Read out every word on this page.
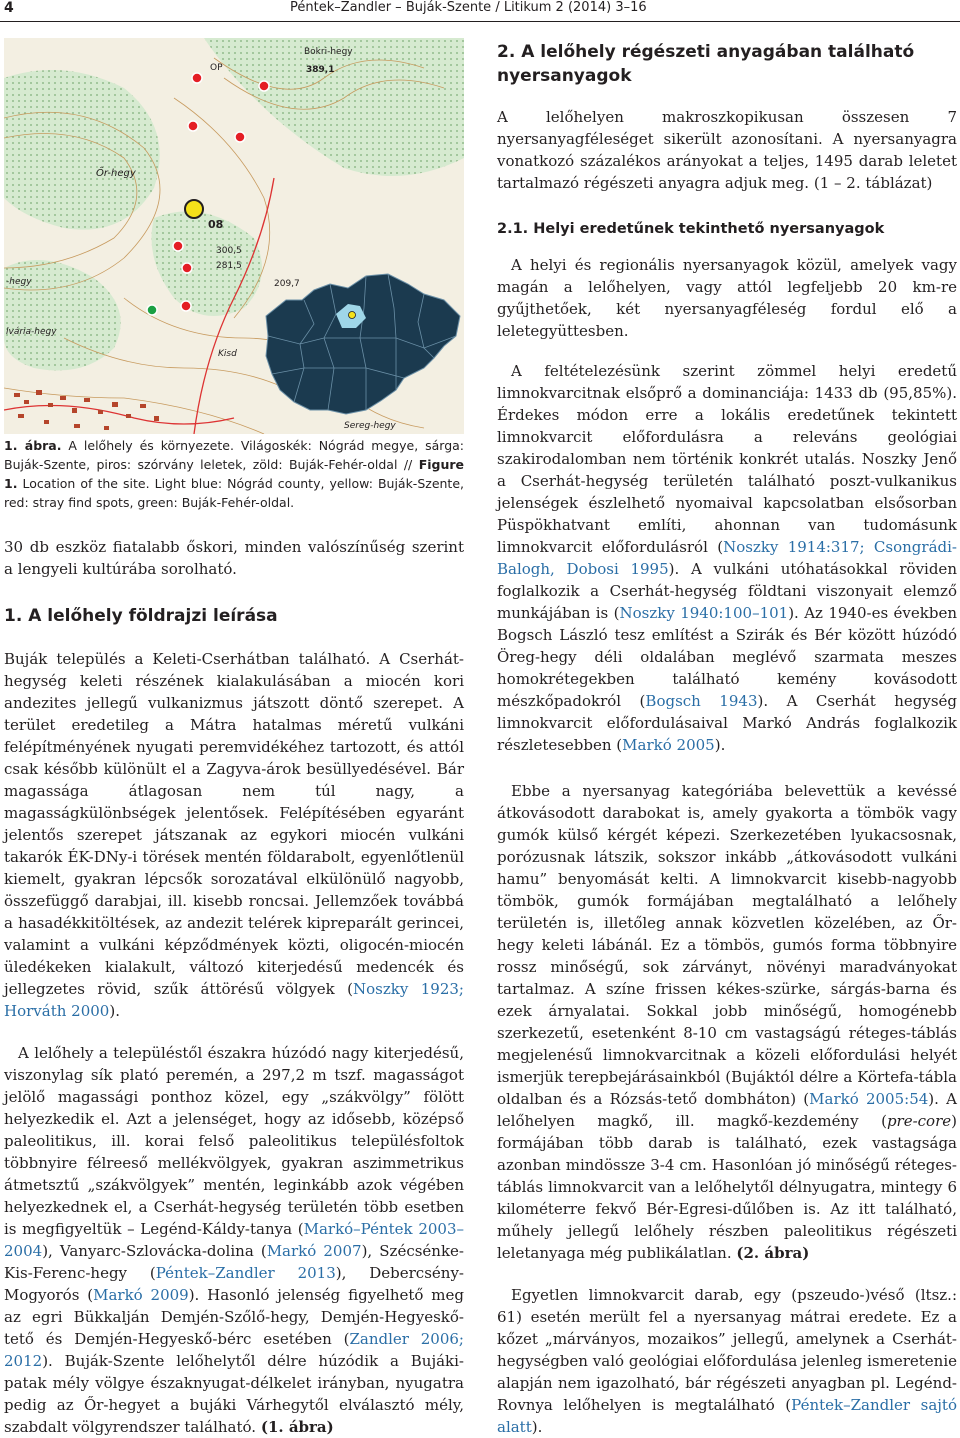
4	Péntek–Zandler – Buják-Szente / Litikum 2 (2014) 3–16
Bokri-hegy
389,1
OP
Őr-hegy
08
300,5
281,5
209,7
-hegy
Kisd
Sereg-hegy
lvária-hegy

1. ábra. A lelőhely és környezete. Világoskék: Nógrád megye, sárga: Buják-Szente, piros: szórvány leletek, zöld: Buják-Fehér-oldal // Figure 1. Location of the site. Light blue: Nógrád county, yellow: Buják-Szente, red: stray find spots, green: Buják-Fehér-oldal.

30 db eszköz fiatalabb őskori, minden valószínűség szerint a lengyeli kultúrába sorolható.

1. A lelőhely földrajzi leírása

Buják település a Keleti-Cserhátban található. A Cserhát-hegység keleti részének kialakulásában a miocén kori andezites jellegű vulkanizmus játszott döntő szerepet. A terület eredetileg a Mátra hatalmas méretű vulkáni felépítményének nyugati peremvidékéhez tartozott, és attól csak később különült el a Zagyva-árok besüllyedésével. Bár magassága átlagosan nem túl nagy, a magasságkülönbségek jelentősek. Felépítésében egyaránt jelentős szerepet játszanak az egykori miocén vulkáni takarók ÉK-DNy-i törések mentén földarabolt, egyenlőtlenül kiemelt, gyakran lépcsők sorozatával elkülönülő nagyobb, összefüggő darabjai, ill. kisebb roncsai. Jellemzőek továbbá a hasadékkitöltések, az andezit telérek kipreparált gerincei, valamint a vulkáni képződmények közti, oligocén-miocén üledékeken kialakult, változó kiterjedésű medencék és jellegzetes rövid, szűk áttörésű völgyek (Noszky 1923; Horváth 2000).

A lelőhely a településtől északra húzódó nagy kiterjedésű, viszonylag sík plató peremén, a 297,2 m tszf. magasságot jelölő magassági ponthoz közel, egy „szákvölgy” fölött helyezkedik el. Azt a jelenséget, hogy az idősebb, középső paleolitikus, ill. korai felső paleolitikus településfoltok többnyire félreeső mellékvölgyek, gyakran aszimmetrikus átmetsztű „szákvölgyek” mentén, leginkább azok végében helyezkednek el, a Cserhát-hegység területén több esetben is megfigyeltük – Legénd-Káldy-tanya (Markó–Péntek 2003–2004), Vanyarc-Szlovácka-dolina (Markó 2007), Szécsénke-Kis-Ferenc-hegy (Péntek–Zandler 2013), Debercsény-Mogyorós (Markó 2009). Hasonló jelenség figyelhető meg az egri Bükkalján Demjén-Szőlő-hegy, Demjén-Hegyeskő-tető és Demjén-Hegyeskő-bérc esetében (Zandler 2006; 2012). Buják-Szente lelőhelytől délre húzódik a Bujáki-patak mély völgye északnyugat-délkelet irányban, nyugatra pedig az Őr-hegyet a bujáki Várhegytől elválasztó mély, szabdalt völgyrendszer található. (1. ábra)

2. A lelőhely régészeti anyagában található nyersanyagok

A lelőhelyen makroszkopikusan összesen 7 nyersanyagféleséget sikerült azonosítani. A nyersanyagra vonatkozó százalékos arányokat a teljes, 1495 darab leletet tartalmazó régészeti anyagra adjuk meg. (1 – 2. táblázat)

2.1. Helyi eredetűnek tekinthető nyersanyagok

A helyi és regionális nyersanyagok közül, amelyek vagy magán a lelőhelyen, vagy attól legfeljebb 20 km-re gyűjthetőek, két nyersanyagféleség fordul elő a leletegyüttesben.

A feltételezésünk szerint zömmel helyi eredetű limnokvarcitnak elsőprő a dominanciája: 1433 db (95,85%). Érdekes módon erre a lokális eredetűnek tekintett limnokvarcit előfordulásra a releváns geológiai szakirodalomban nem történik konkrét utalás. Noszky Jenő a Cserhát-hegység területén található poszt-vulkanikus jelenségek észlelhető nyomaival kapcsolatban elsősorban Püspökhatvant említi, ahonnan van tudomásunk limnokvarcit előfordulásról (Noszky 1914:317; Csongrádi-Balogh, Dobosi 1995). A vulkáni utóhatásokkal röviden foglalkozik a Cserhát-hegység földtani viszonyait elemző munkájában is (Noszky 1940:100–101). Az 1940-es években Bogsch László tesz említést a Szirák és Bér között húzódó Öreg-hegy déli oldalában meglévő szarmata meszes homokrétegekben található kemény kovásodott mészkőpadokról (Bogsch 1943). A Cserhát hegység limnokvarcit előfordulásaival Markó András foglalkozik részletesebben (Markó 2005).

Ebbe a nyersanyag kategóriába belevettük a kevéssé átkovásodott darabokat is, amely gyakorta a tömbök vagy gumók külső kérgét képezi. Szerkezetében lyukacsosnak, porózusnak látszik, sokszor inkább „átkovásodott vulkáni hamu” benyomását kelti. A limnokvarcit kisebb-nagyobb tömbök, gumók formájában megtalálható a lelőhely területén is, illetőleg annak közvetlen közelében, az Őr-hegy keleti lábánál. Ez a tömbös, gumós forma többnyire rossz minőségű, sok zárványt, növényi maradványokat tartalmaz. A színe frissen kékes-szürke, sárgás-barna és ezek árnyalatai. Sokkal jobb minőségű, homogénebb szerkezetű, esetenként 8-10 cm vastagságú réteges-táblás megjelenésű limnokvarcitnak a közeli előfordulási helyét ismerjük terepbejárásainkból (Bujáktól délre a Körtefa-tábla oldalban és a Rózsás-tető dombháton) (Markó 2005:54). A lelőhelyen magkő, ill. magkő-kezdemény (pre-core) formájában több darab is található, ezek vastagsága azonban mindössze 3-4 cm. Hasonlóan jó minőségű réteges-táblás limnokvarcit van a lelőhelytől délnyugatra, mintegy 6 kilométerre fekvő Bér-Egresi-dűlőben is. Az itt található, műhely jellegű lelőhely részben paleolitikus régészeti leletanyaga még publikálatlan. (2. ábra)

Egyetlen limnokvarcit darab, egy (pszeudo-)véső (ltsz.: 61) esetén merült fel a nyersanyag mátrai eredete. Ez a kőzet „márványos, mozaikos” jellegű, amelynek a Cserhát-hegységben való geológiai előfordulása jelenleg ismeretenie alapján nem igazolható, bár régészeti anyagban pl. Legénd-Rovnya lelőhelyen is megtalálható (Péntek–Zandler sajtó alatt).
